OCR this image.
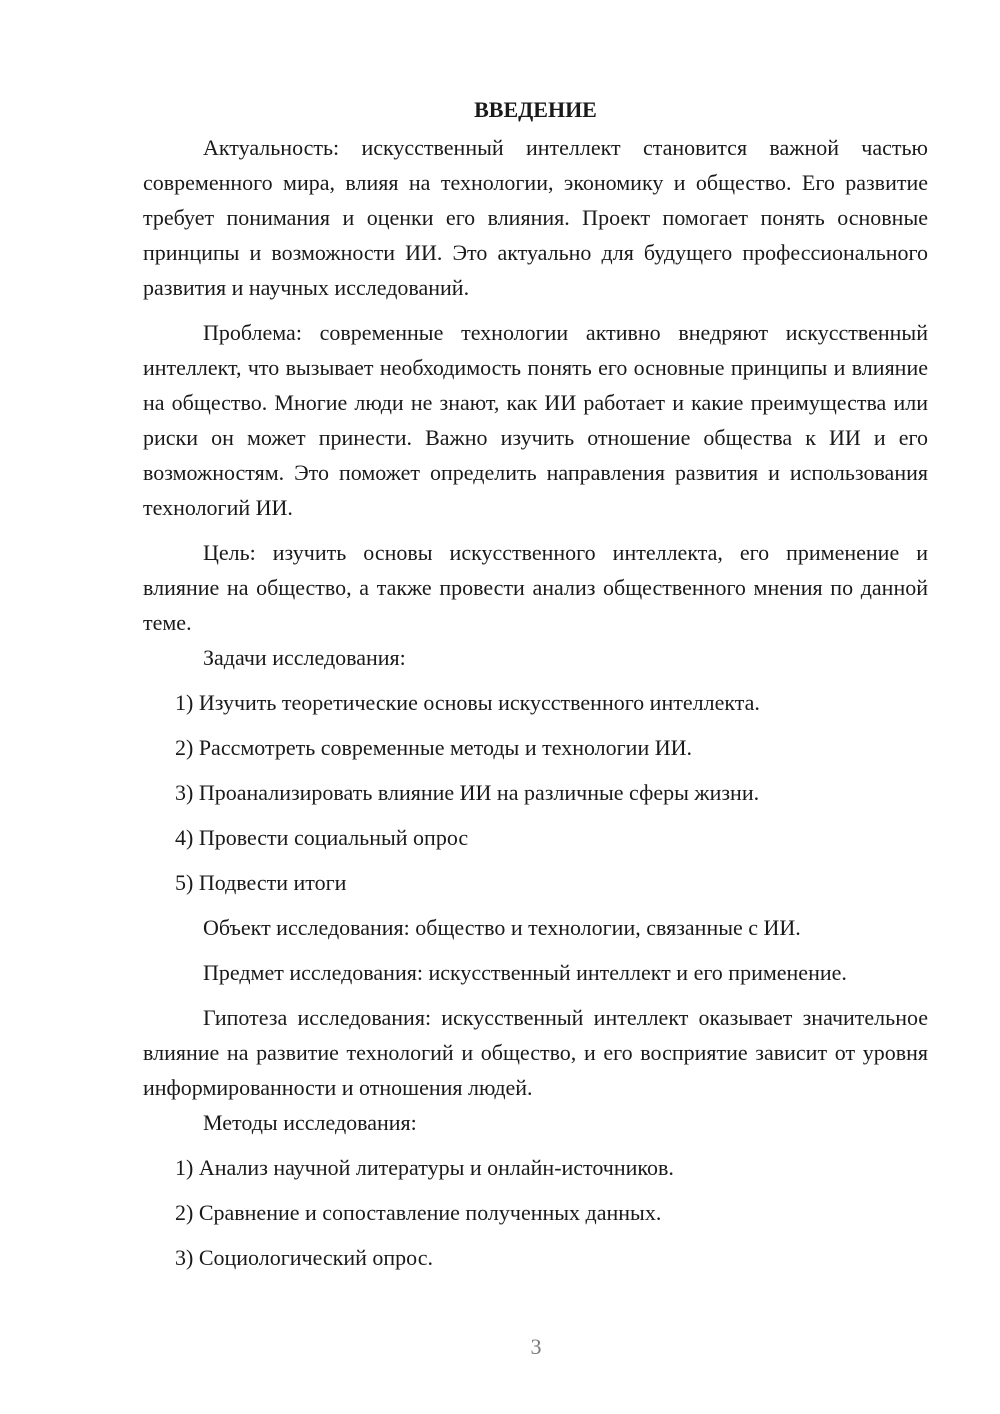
ВВЕДЕНИЕ

Актуальность: искусственный интеллект становится важной частью современного мира, влияя на технологии, экономику и общество. Его развитие требует понимания и оценки его влияния. Проект помогает понять основные принципы и возможности ИИ. Это актуально для будущего профессионального развития и научных исследований.

Проблема: современные технологии активно внедряют искусственный интеллект, что вызывает необходимость понять его основные принципы и влияние на общество. Многие люди не знают, как ИИ работает и какие преимущества или риски он может принести. Важно изучить отношение общества к ИИ и его возможностям. Это поможет определить направления развития и использования технологий ИИ.

Цель: изучить основы искусственного интеллекта, его применение и влияние на общество, а также провести анализ общественного мнения по данной теме.

Задачи исследования:

1) Изучить теоретические основы искусственного интеллекта.

2) Рассмотреть современные методы и технологии ИИ.

3) Проанализировать влияние ИИ на различные сферы жизни.

4) Провести социальный опрос

5) Подвести итоги

Объект исследования: общество и технологии, связанные с ИИ.

Предмет исследования: искусственный интеллект и его применение.

Гипотеза исследования: искусственный интеллект оказывает значительное влияние на развитие технологий и общество, и его восприятие зависит от уровня информированности и отношения людей.

Методы исследования:

1) Анализ научной литературы и онлайн-источников.

2) Сравнение и сопоставление полученных данных.

3) Социологический опрос.

3
